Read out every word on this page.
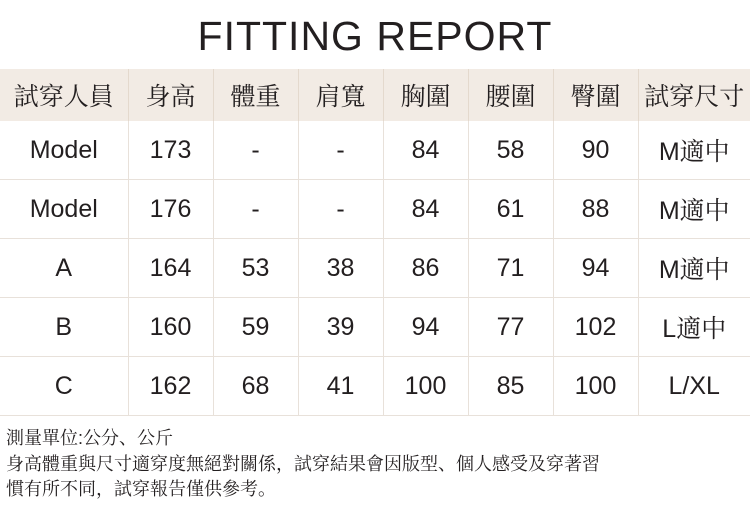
FITTING REPORT
試穿人員	身高	體重	肩寬	胸圍	腰圍	臀圍	試穿尺寸
Model	173	-	-	84	58	90	M適中
Model	176	-	-	84	61	88	M適中
A	164	53	38	86	71	94	M適中
B	160	59	39	94	77	102	L適中
C	162	68	41	100	85	100	L/XL
測量單位:公分、公斤
身高體重與尺寸適穿度無絕對關係，試穿結果會因版型、個人感受及穿著習
慣有所不同，試穿報告僅供參考。
